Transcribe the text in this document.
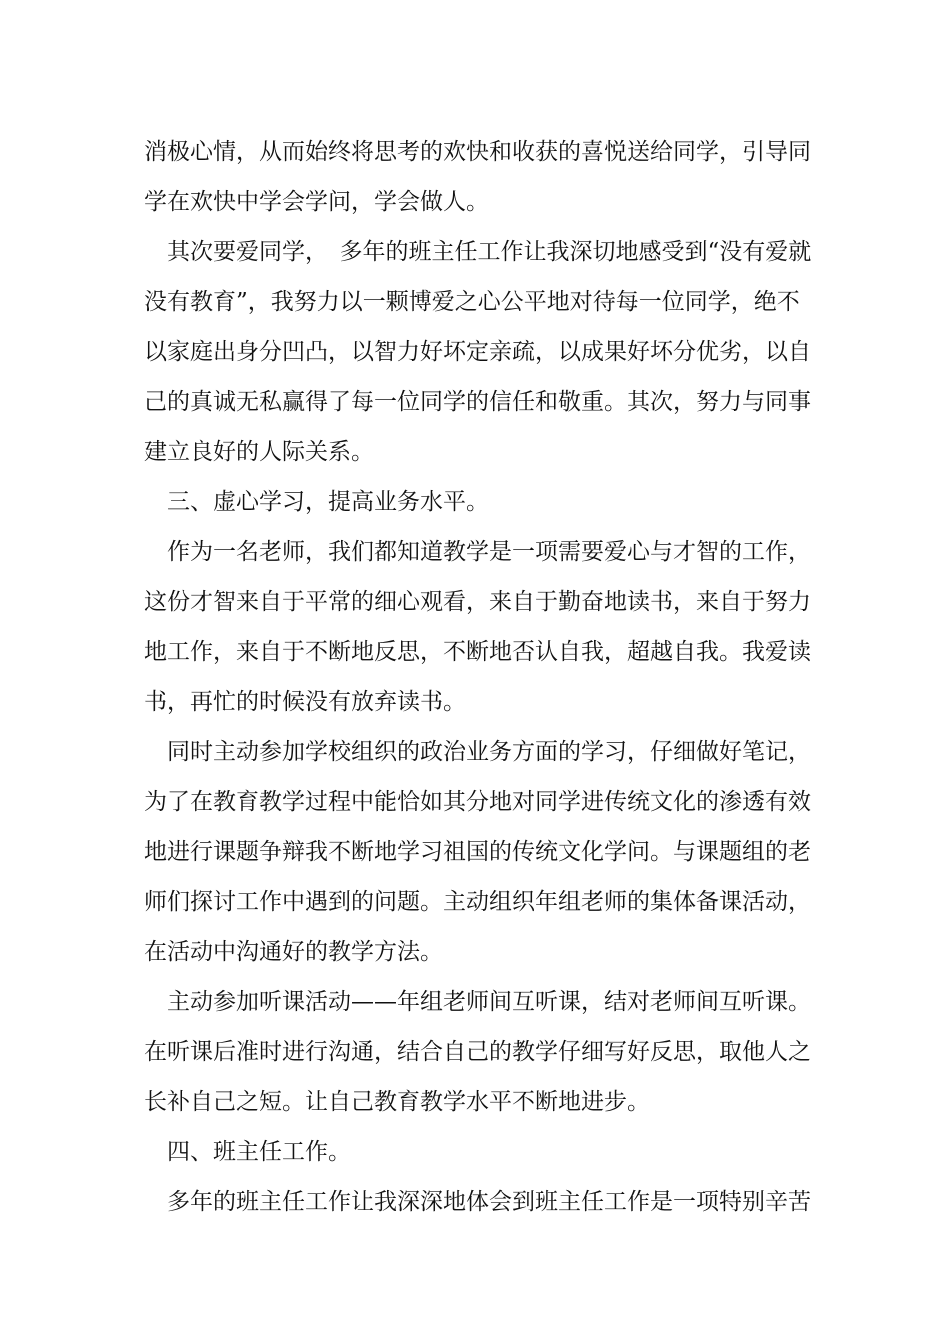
消极心情，从而始终将思考的欢快和收获的喜悦送给同学，引导同
学在欢快中学会学问，学会做人。
其次要爱同学，　多年的班主任工作让我深切地感受到“没有爱就
没有教育”，我努力以一颗博爱之心公平地对待每一位同学，绝不
以家庭出身分凹凸，以智力好坏定亲疏，以成果好坏分优劣，以自
己的真诚无私赢得了每一位同学的信任和敬重。其次，努力与同事
建立良好的人际关系。
三、虚心学习，提高业务水平。
作为一名老师，我们都知道教学是一项需要爱心与才智的工作，
这份才智来自于平常的细心观看，来自于勤奋地读书，来自于努力
地工作，来自于不断地反思，不断地否认自我，超越自我。我爱读
书，再忙的时候没有放弃读书。
同时主动参加学校组织的政治业务方面的学习，仔细做好笔记，
为了在教育教学过程中能恰如其分地对同学进传统文化的渗透有效
地进行课题争辩我不断地学习祖国的传统文化学问。与课题组的老
师们探讨工作中遇到的问题。主动组织年组老师的集体备课活动，
在活动中沟通好的教学方法。
主动参加听课活动——年组老师间互听课，结对老师间互听课。
在听课后准时进行沟通，结合自己的教学仔细写好反思，取他人之
长补自己之短。让自己教育教学水平不断地进步。
四、班主任工作。
多年的班主任工作让我深深地体会到班主任工作是一项特别辛苦
